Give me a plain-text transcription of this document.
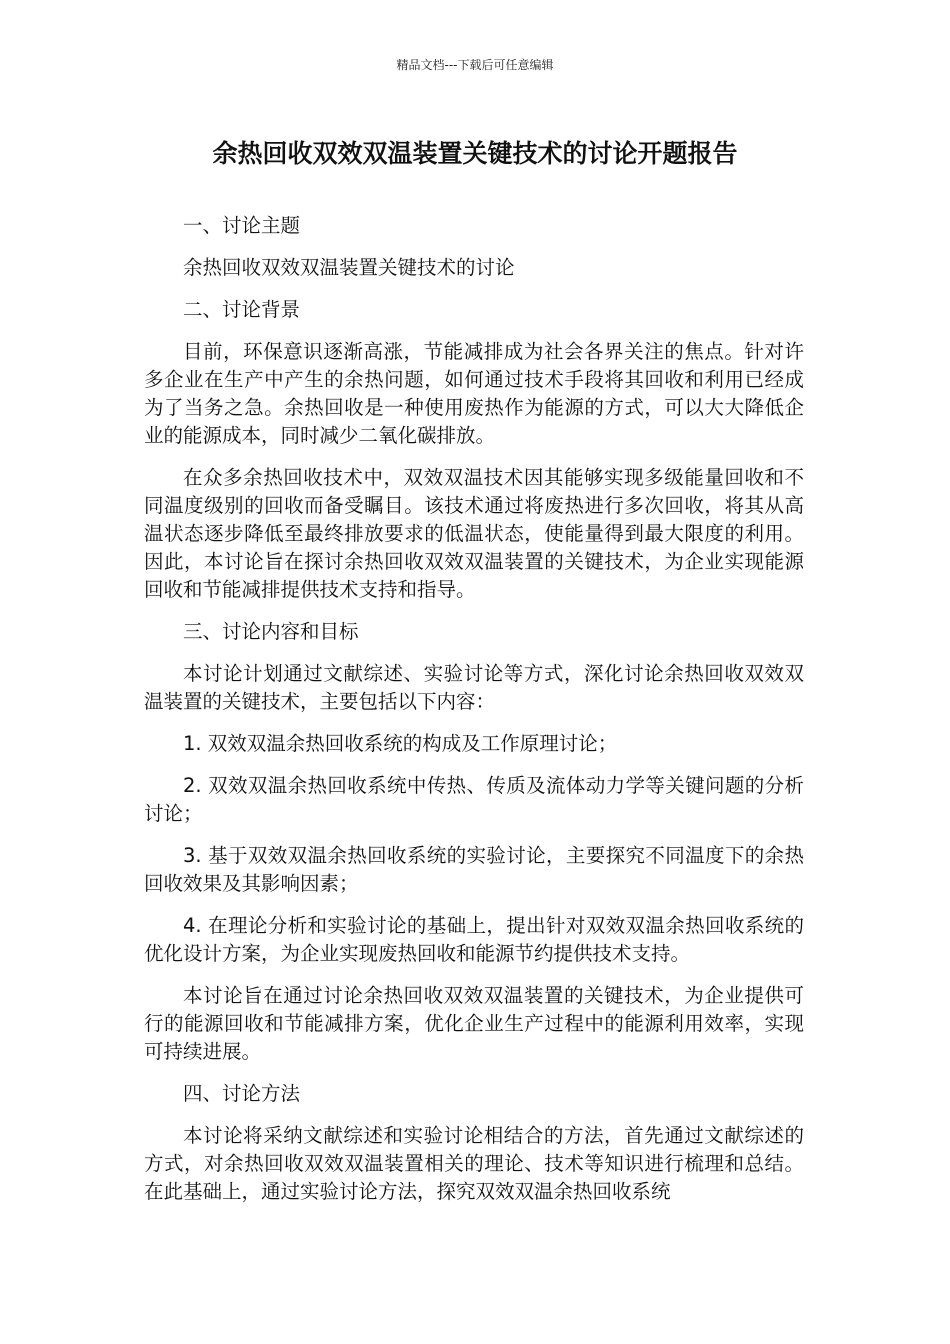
精品文档---下载后可任意编辑
余热回收双效双温装置关键技术的讨论开题报告

一、讨论主题

余热回收双效双温装置关键技术的讨论

二、讨论背景

目前，环保意识逐渐高涨，节能减排成为社会各界关注的焦点。针对许多企业在生产中产生的余热问题，如何通过技术手段将其回收和利用已经成为了当务之急。余热回收是一种使用废热作为能源的方式，可以大大降低企业的能源成本，同时减少二氧化碳排放。

在众多余热回收技术中，双效双温技术因其能够实现多级能量回收和不同温度级别的回收而备受瞩目。该技术通过将废热进行多次回收，将其从高温状态逐步降低至最终排放要求的低温状态，使能量得到最大限度的利用。因此，本讨论旨在探讨余热回收双效双温装置的关键技术，为企业实现能源回收和节能减排提供技术支持和指导。

三、讨论内容和目标

本讨论计划通过文献综述、实验讨论等方式，深化讨论余热回收双效双温装置的关键技术，主要包括以下内容：

1. 双效双温余热回收系统的构成及工作原理讨论；

2. 双效双温余热回收系统中传热、传质及流体动力学等关键问题的分析讨论；

3. 基于双效双温余热回收系统的实验讨论，主要探究不同温度下的余热回收效果及其影响因素；

4. 在理论分析和实验讨论的基础上，提出针对双效双温余热回收系统的优化设计方案，为企业实现废热回收和能源节约提供技术支持。

本讨论旨在通过讨论余热回收双效双温装置的关键技术，为企业提供可行的能源回收和节能减排方案，优化企业生产过程中的能源利用效率，实现可持续进展。

四、讨论方法

本讨论将采纳文献综述和实验讨论相结合的方法，首先通过文献综述的方式，对余热回收双效双温装置相关的理论、技术等知识进行梳理和总结。在此基础上，通过实验讨论方法，探究双效双温余热回收系统
